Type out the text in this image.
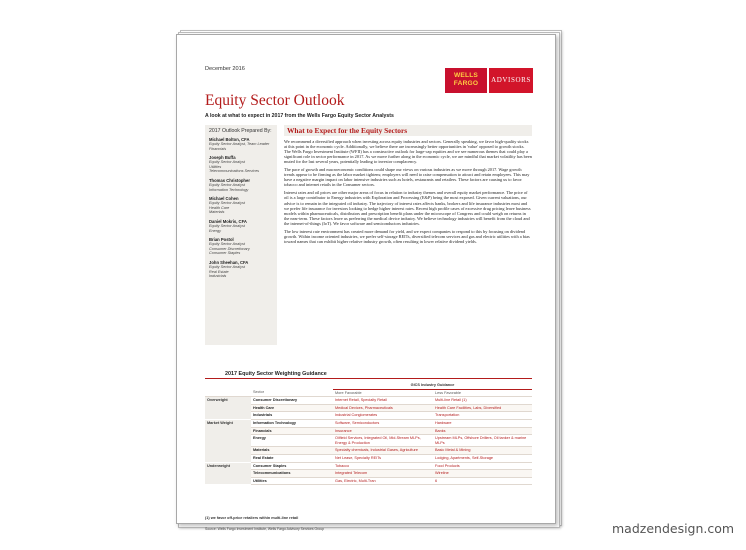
December 2016
WELLS
FARGO	ADVISORS
Equity Sector Outlook
A look at what to expect in 2017 from the Wells Fargo Equity Sector Analysts
2017 Outlook Prepared By:
Michael Bolton, CFA
Equity Sector Analyst, Team Leader
Financials
Joseph Buffa
Equity Sector Analyst
Utilities
Telecommunications Services
Thomas Christopher
Equity Sector Analyst
Information Technology
Michael Cohen
Equity Sector Analyst
Health Care
Materials
Daniel Mokris, CFA
Equity Sector Analyst
Energy
Brian Postol
Equity Sector Analyst
Consumer Discretionary
Consumer Staples
John Sheehan, CFA
Equity Sector Analyst
Real Estate
Industrials
What to Expect for the Equity Sectors

We recommend a diversified approach when investing across equity industries and sectors. Generally speaking, we favor high-quality stocks at this point in the economic cycle. Additionally, we believe there are increasingly better opportunities in 'value' opposed to growth stocks. The Wells Fargo Investment Institute (WFII) has a constructive outlook for large-cap equities and we see numerous themes that could play a significant role in sector performance in 2017. As we move further along in the economic cycle, we are mindful that market volatility has been muted for the last several years, potentially leading to investor complacency.

The pace of growth and macroeconomic conditions could shape our views on various industries as we move through 2017. Wage growth trends appear to be firming as the labor market tightens; employers will need to raise compensation to attract and retain employees. This may have a negative margin impact on labor intensive industries such as hotels, restaurants and retailers. These factors are causing us to favor tobacco and internet retails in the Consumer sectors.

Interest rates and oil prices are other major areas of focus in relation to industry themes and overall equity market performance. The price of oil is a large contributor to Energy industries with Exploration and Processing (E&P) being the most exposed. Given current valuations, our advice is to remain in the integrated oil industry. The trajectory of interest rates affects banks, brokers and life insurance industries most and we prefer life insurance for investors looking to hedge higher interest rates. Recent high profile cases of excessive drug pricing leave business models within pharmaceuticals, distributors and prescription benefit plans under the microscope of Congress and could weigh on returns in the near-term. These factors leave us preferring the medical device industry. We believe technology industries will benefit from the cloud and the internet-of-things (IoT). We favor software and semiconductors industries.

The low interest rate environment has created more demand for yield, and we expect companies to respond to this by focusing on dividend growth. Within income oriented industries, we prefer self-storage REITs, diversified telecom services and gas and electric utilities with a bias toward names that can exhibit higher relative industry growth, often resulting in lower relative dividend yields.

2017 Equity Sector Weighting Guidance
		GICS Industry Guidance	
	Sector	More Favorable	Less Favorable
Overweight	Consumer Discretionary	Internet Retail, Specialty Retail	Multi-line Retail (1)
	Health Care	Medical Devices, Pharmaceuticals	Health Care Facilities, Labs, Diversified
	Industrials	Industrial Conglomerates	Transportation
Market Weight	Information Technology	Software, Semiconductors	Hardware
	Financials	Insurance	Banks
	Energy	Oilfield Services, Integrated Oil, Mid-Stream MLPs, Energy & Production	Upstream MLPs, Offshore Drillers, Oil tanker & marine MLPs
	Materials	Specialty chemicals, Industrial Gases, Agriculture	Basic Metal & Mining
	Real Estate	Net Lease, Specialty REITs	Lodging, Apartments, Self-Storage
Underweight	Consumer Staples	Tobacco	Food Products
	Telecommunications	Integrated Telecom	Wireline
	Utilities	Gas, Electric, Multi-Tran	6
(1) we favor off-price retailers within multi-line retail
Source: Wells Fargo Investment Institute, Wells Fargo Advisory Services Group	madzendesign.com
